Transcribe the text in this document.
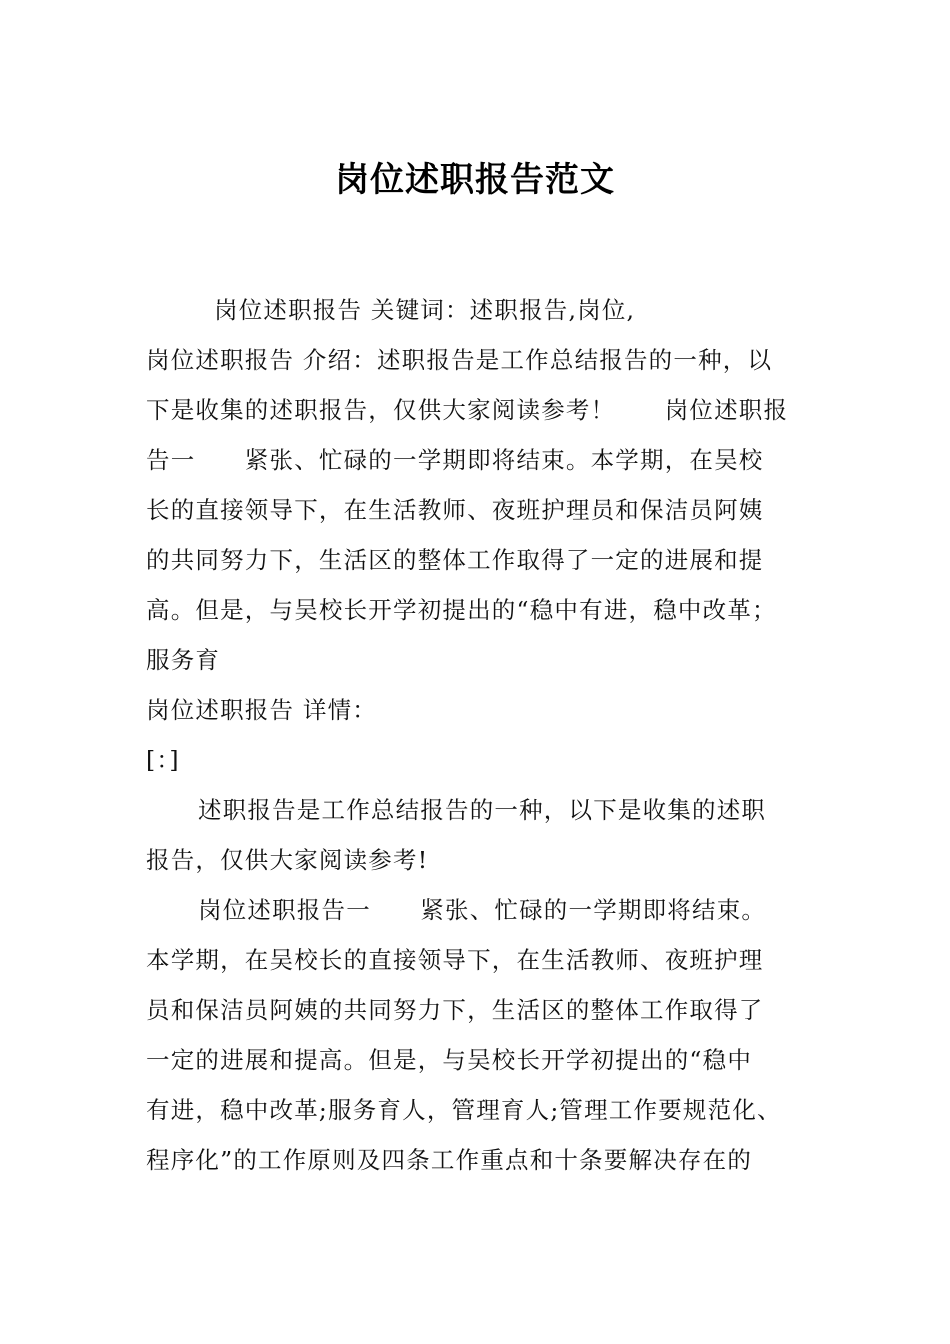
岗位述职报告范文
岗位述职报告 关键词：述职报告,岗位,
岗位述职报告 介绍：述职报告是工作总结报告的一种，以
下是收集的述职报告，仅供大家阅读参考！　　岗位述职报
告一　　紧张、忙碌的一学期即将结束。本学期，在吴校
长的直接领导下，在生活教师、夜班护理员和保洁员阿姨
的共同努力下，生活区的整体工作取得了一定的进展和提
高。但是，与吴校长开学初提出的“稳中有进，稳中改革；
服务育
岗位述职报告 详情：
[：]
述职报告是工作总结报告的一种，以下是收集的述职
报告，仅供大家阅读参考!
岗位述职报告一　　紧张、忙碌的一学期即将结束。
本学期，在吴校长的直接领导下，在生活教师、夜班护理
员和保洁员阿姨的共同努力下，生活区的整体工作取得了
一定的进展和提高。但是，与吴校长开学初提出的“稳中
有进，稳中改革;服务育人，管理育人;管理工作要规范化、
程序化”的工作原则及四条工作重点和十条要解决存在的
